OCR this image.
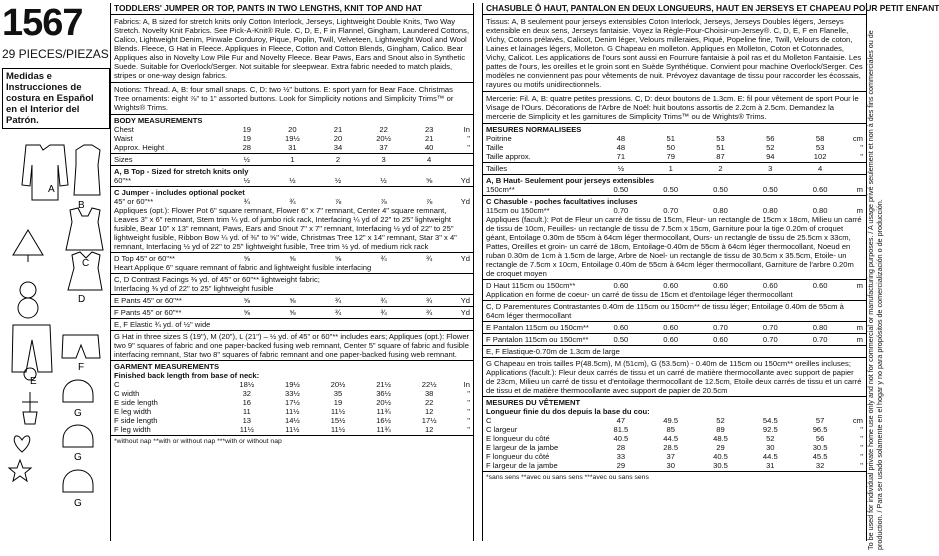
1567
29 PIECES/PIEZAS
Medidas e Instrucciones de costura en Español en el Interior del Patrón.
A
B
C
D
E
F
G
G
G
TODDLERS' JUMPER OR TOP, PANTS IN TWO LENGTHS, KNIT TOP AND HAT
Fabrics: A, B sized for stretch knits only Cotton Interlock, Jerseys, Lightweight Double Knits, Two Way Stretch. Novelty Knit Fabrics. See Pick-A-Knit® Rule. C, D, E, F in Flannel, Gingham, Laundered Cottons, Calico, Lightweight Denim, Pinwale Corduroy, Pique, Poplin, Twill, Velveteen, Lightweight Wool and Wool Blends. Fleece, G Hat in Fleece. Appliques in Fleece, Cotton and Cotton Blends, Gingham, Calico. Bear Appliques also in Novelty Low Pile Fur and Novelty Fleece. Bear Paws, Ears and Snout also in Synthetic Suede. Suitable for Overlock/Serger. Not suitable for sleepwear. Extra fabric needed to match plaids, stripes or one-way design fabrics.
Notions: Thread. A, B: four small snaps. C, D: two ½" buttons. E: sport yarn for Bear Face. Christmas Tree ornaments: eight ⅞" to 1" assorted buttons. Look for Simplicity notions and Simplicity Trims™ or Wrights® Trims.
BODY MEASUREMENTS
Chest	19	20	21	22	23	In
Waist	19	19½	20	20½	21	"
Approx. Height	28	31	34	37	40	"
Sizes	½	1	2	3	4
A, B Top - Sized for stretch knits only
60"**	½	½	½	½	⅝	Yd
C Jumper - includes optional pocket
45" or 60"**	¾	¾	⅞	⅞	⅞	Yd
Appliques (opt.): Flower Pot 6" square remnant, Flower 6" x 7" remnant, Center 4" square remnant, Leaves 3" x 6" remnant, Stem trim ¼ yd. of jumbo rick rack, Interfacing ¼ yd of 22" to 25" lightweight fusible, Bear 10" x 13" remnant, Paws, Ears and Snout 7" x 7" remnant, Interfacing ½ yd of 22" to 25" lightweight fusible, Ribbon Bow ¼ yd. of ⅜" to ⅝" wide, Christmas Tree 12" x 14" remnant, Star 3" x 4" remnant, Interfacing ½ yd of 22" to 25" lightweight fusible, Tree trim ½ yd. of medium rick rack
D Top 45" or 60"**	⅝	⅝	⅝	¾	¾	Yd
Heart Applique 6" square remnant of fabric and lightweight fusible interfacing
C, D Contrast Facings ⅜ yd. of 45" or 60"** lightweight fabric;
Interfacing ⅜ yd of 22" to 25" lightweight fusible
E Pants 45" or 60"**	⅝	⅝	¾	¾	¾	Yd
F Pants 45" or 60"**	⅝	⅝	¾	¾	¾	Yd
E, F Elastic ¾ yd. of ½" wide
G Hat in three sizes S (19"), M (20"), L (21") – ½ yd. of 45" or 60"** includes ears; Appliques (opt.): Flower two 9" squares of fabric and one paper-backed fusing web remnant, Center 5" square of fabric and fusible interfacing remnant, Star two 8" squares of fabric remnant and one paper-backed fusing web remnant.
GARMENT MEASUREMENTS
Finished back length from base of neck:
C	18½	19½	20½	21½	22½	In
C width	32	33½	35	36½	38	"
E side length	16	17½	19	20½	22	"
E leg width	11	11½	11½	11¾	12	"
F side length	13	14½	15½	16½	17½	"
F leg width	11½	11½	11½	11¾	12	"
*without nap **with or without nap ***with or without nap
CHASUBLE Ô HAUT, PANTALON EN DEUX LONGUEURS, HAUT EN JERSEYS ET CHAPEAU POUR PETIT ENFANT
Tissus: A, B seulement pour jerseys extensibles Coton Interlock, Jerseys, Jerseys Doubles légers, Jerseys extensible en deux sens, Jerseys fantaisie. Voyez la Règle-Pour-Choisir-un-Jersey®. C, D, E, F en Flanelle, Vichy, Cotons prélavés, Calicot, Denim léger, Velours milleraies, Piqué, Popeline fine, Twill, Velours de coton, Laines et lainages légers, Molleton. G Chapeau en molleton. Appliques en Molleton, Coton et Cotonnades, Vichy, Calicot. Les applications de l'ours sont aussi en Fourrure fantaisie à poil ras et du Molleton Fantaisie. Les pattes de l'ours, les oreilles et le groin sont en Suède Synthétique. Convient pour machine Overlock/Serger. Ces modèles ne conviennent pas pour vêtements de nuit. Prévoyez davantage de tissu pour raccorder les écossais, rayures ou motifs unidirectionnels.
Mercerie: Fil. A, B: quatre petites pressions. C, D: deux boutons de 1.3cm. E: fil pour vêtement de sport Pour le Visage de l'Ours. Décorations de l'Arbre de Noël: huit boutons assortis de 2.2cm à 2.5cm. Demandez la mercerie de Simplicity et les garnitures de Simplicity Trims™ ou de Wrights® Trims.
MESURES NORMALISEES
Poitrine	48	51	53	56	58	cm
Taille	48	50	51	52	53	"
Taille approx.	71	79	87	94	102	"
Tailles	½	1	2	3	4
A, B Haut- Seulement pour jerseys extensibles
150cm**	0.50	0.50	0.50	0.50	0.60	m
C Chasuble - poches facultatives incluses
115cm ou 150cm**	0.70	0.70	0.80	0.80	0.80	m
Appliques (facult.): Pot de Fleur un carré de tissu de 15cm, Fleur- un rectangle de 15cm x 18cm, Milieu un carré de tissu de 10cm, Feuilles- un rectangle de tissu de 7.5cm x 15cm, Garniture pour la tige 0.20m of croquet géant, Entoilage 0.30m de 55cm à 64cm léger thermocollant, Ours- un rectangle de tissu de 25.5cm x 33cm, Pattes, Oreilles et groin- un carré de 18cm, Entoilage-0.40m de 55cm à 64cm léger thermocollant, Noeud en ruban 0.30m de 1cm à 1.5cm de large, Arbre de Noel- un rectangle de tissu de 30.5cm x 35.5cm, Etoile- un rectangle de 7.5cm x 10cm, Entoilage 0.40m de 55cm à 64cm léger thermocollant, Garniture de l'arbre 0.20m de croquet moyen
D Haut 115cm ou 150cm**	0.60	0.60	0.60	0.60	0.60	m
Application en forme de coeur- un carré de tissu de 15cm et d'entoilage léger thermocollant
C, D Parementures Contrastantes 0.40m de 115cm ou 150cm** de tissu léger; Entoilage 0.40m de 55cm à 64cm léger thermocollant
E Pantalon 115cm ou 150cm**	0.60	0.60	0.70	0.70	0.80	m
F Pantalon 115cm ou 150cm**	0.50	0.60	0.60	0.70	0.70	m
E, F Elastique-0.70m de 1.3cm de large
G Chapeau en trois tailles P(48.5cm), M (51cm), G (53.5cm) - 0.40m de 115cm ou 150cm** oreilles incluses; Applications (facult.): Fleur deux carrés de tissu et un carré de matière thermocollante avec support de papier de 23cm, Milieu un carré de tissu et d'entoilage thermocollant de 12.5cm, Etoile deux carrés de tissu et un carré de tissu et de matière thermocollante avec support de papier de 20.5cm
MESURES DU VÊTEMENT
Longueur finie du dos depuis la base du cou:
C	47	49.5	52	54.5	57	cm
C largeur	81.5	85	89	92.5	96.5	"
E longueur du côté	40.5	44.5	48.5	52	56	"
E largeur de la jambe	28	28.5	29	30	30.5	"
F longueur du côté	33	37	40.5	44.5	45.5	"
F largeur de la jambe	29	30	30.5	31	32	"
*sans sens **avec ou sans sens ***avec ou sans sens	To be used for individual private home use only and not for commercial or manufacturing purposes. / A usage privé seulement et non à des fins commerciales ou de production. / Para ser usado solamente en el hogar y no para propósitos de comercialización o de producción.
